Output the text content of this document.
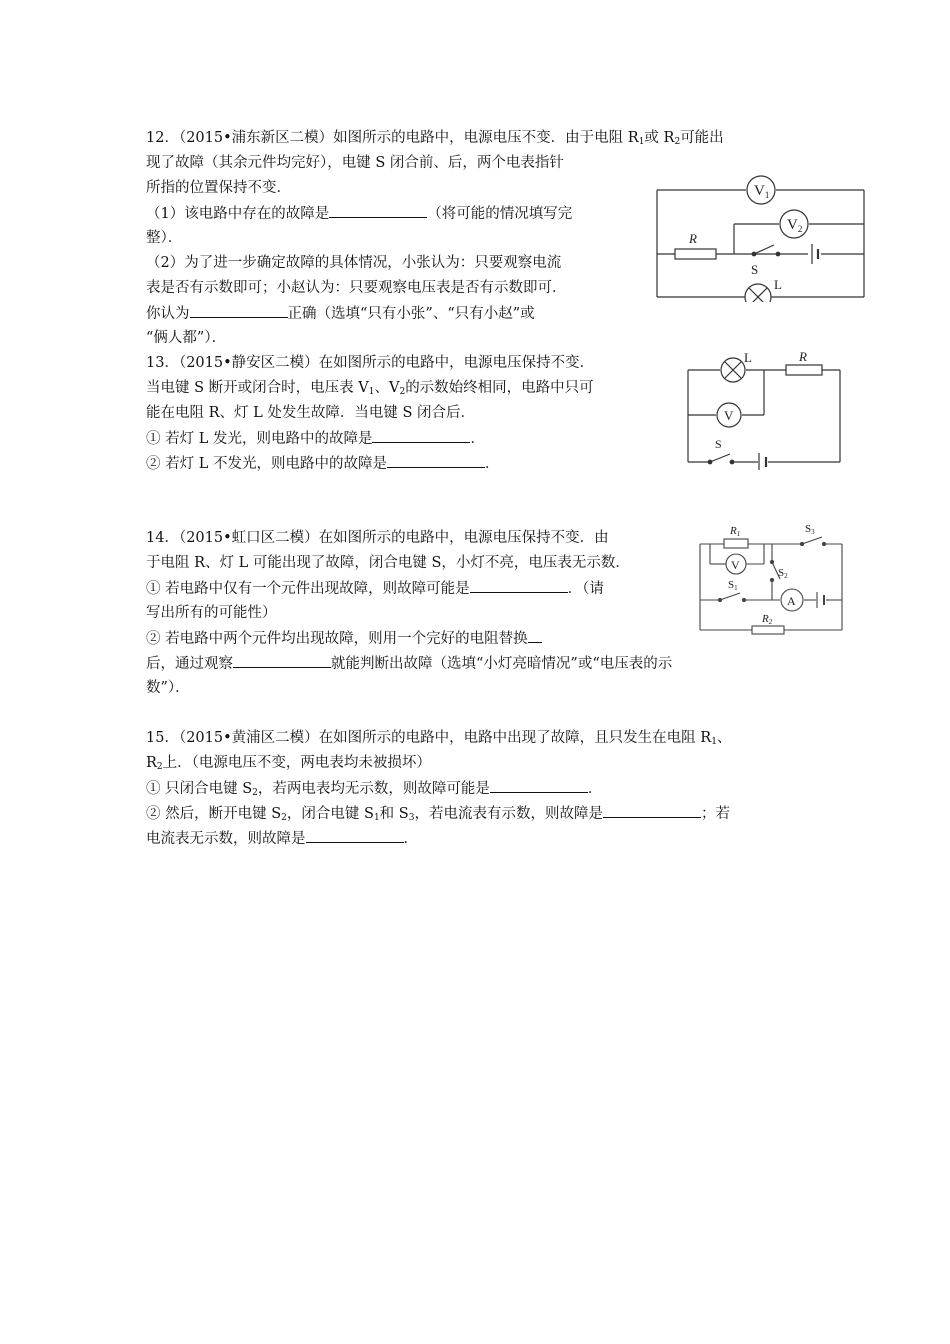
12．（2015•浦东新区二模）如图所示的电路中，电源电压不变．由于电阻 $R_1$或 $R_2$可能出
现了故障（其余元件均完好），电键 S 闭合前、后，两个电表指针
所指的位置保持不变．
（1）该电路中存在的故障是	（将可能的情况填写完
整）．
（2）为了进一步确定故障的具体情况，小张认为：只要观察电流
表是否有示数即可；小赵认为：只要观察电压表是否有示数即可．
你认为	正确（选填“只有小张”、“只有小赵”或
“俩人都”）．
$V_1$
$V_2$
R
S
L
13．（2015•静安区二模）在如图所示的电路中，电源电压保持不变．
当电键 S 断开或闭合时，电压表 $V_1$、$V_2$的示数始终相同，电路中只可
能在电阻 R、灯 L 处发生故障．当电键 S 闭合后．
① 若灯 L 发光，则电路中的故障是	．
② 若灯 L 不发光，则电路中的故障是	．
L	R
V
S
14．（2015•虹口区二模）在如图所示的电路中，电源电压保持不变．由
于电阻 R、灯 L 可能出现了故障，闭合电键 S，小灯不亮，电压表无示数．
① 若电路中仅有一个元件出现故障，则故障可能是	．（请
写出所有的可能性）
② 若电路中两个元件均出现故障，则用一个完好的电阻替换
后，通过观察	就能判断出故障（选填“小灯亮暗情况”或“电压表的示
数”）．
R1
V
S3
S2
S1
A
R2
15．（2015•黄浦区二模）在如图所示的电路中，电路中出现了故障，且只发生在电阻 $R_1$、
$R_2$上．（电源电压不变，两电表均未被损坏）
① 只闭合电键 $S_2$，若两电表均无示数，则故障可能是	．
② 然后，断开电键 $S_2$，闭合电键 $S_1$和 $S_3$，若电流表有示数，则故障是	；若
电流表无示数，则故障是	．
